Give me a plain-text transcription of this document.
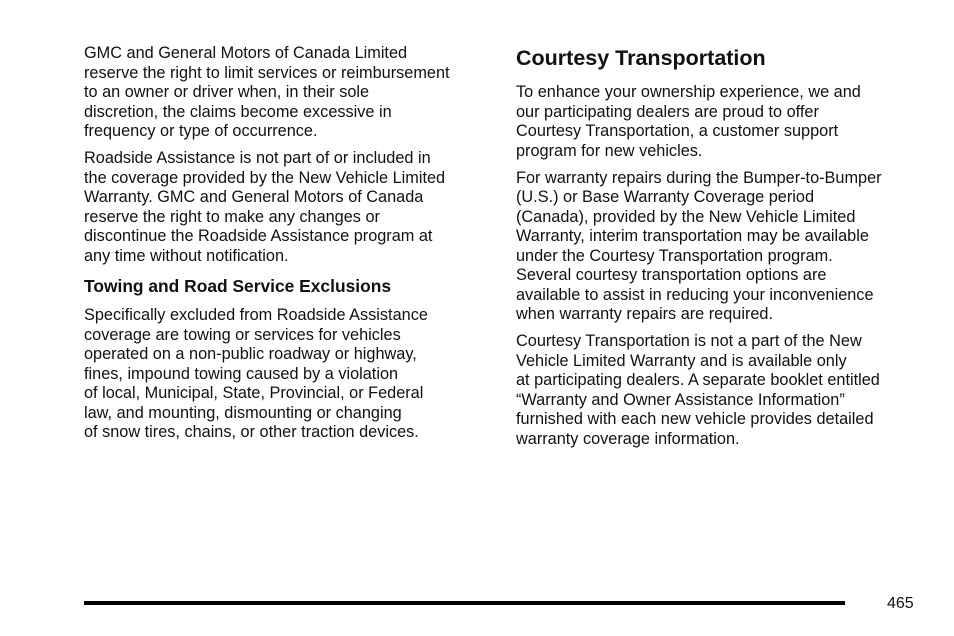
GMC and General Motors of Canada Limited
reserve the right to limit services or reimbursement
to an owner or driver when, in their sole
discretion, the claims become excessive in
frequency or type of occurrence.

Roadside Assistance is not part of or included in
the coverage provided by the New Vehicle Limited
Warranty. GMC and General Motors of Canada
reserve the right to make any changes or
discontinue the Roadside Assistance program at
any time without notification.

Towing and Road Service Exclusions

Specifically excluded from Roadside Assistance
coverage are towing or services for vehicles
operated on a non-public roadway or highway,
fines, impound towing caused by a violation
of local, Municipal, State, Provincial, or Federal
law, and mounting, dismounting or changing
of snow tires, chains, or other traction devices.

Courtesy Transportation

To enhance your ownership experience, we and
our participating dealers are proud to offer
Courtesy Transportation, a customer support
program for new vehicles.

For warranty repairs during the Bumper-to-Bumper
(U.S.) or Base Warranty Coverage period
(Canada), provided by the New Vehicle Limited
Warranty, interim transportation may be available
under the Courtesy Transportation program.
Several courtesy transportation options are
available to assist in reducing your inconvenience
when warranty repairs are required.

Courtesy Transportation is not a part of the New
Vehicle Limited Warranty and is available only
at participating dealers. A separate booklet entitled
“Warranty and Owner Assistance Information”
furnished with each new vehicle provides detailed
warranty coverage information.

465
